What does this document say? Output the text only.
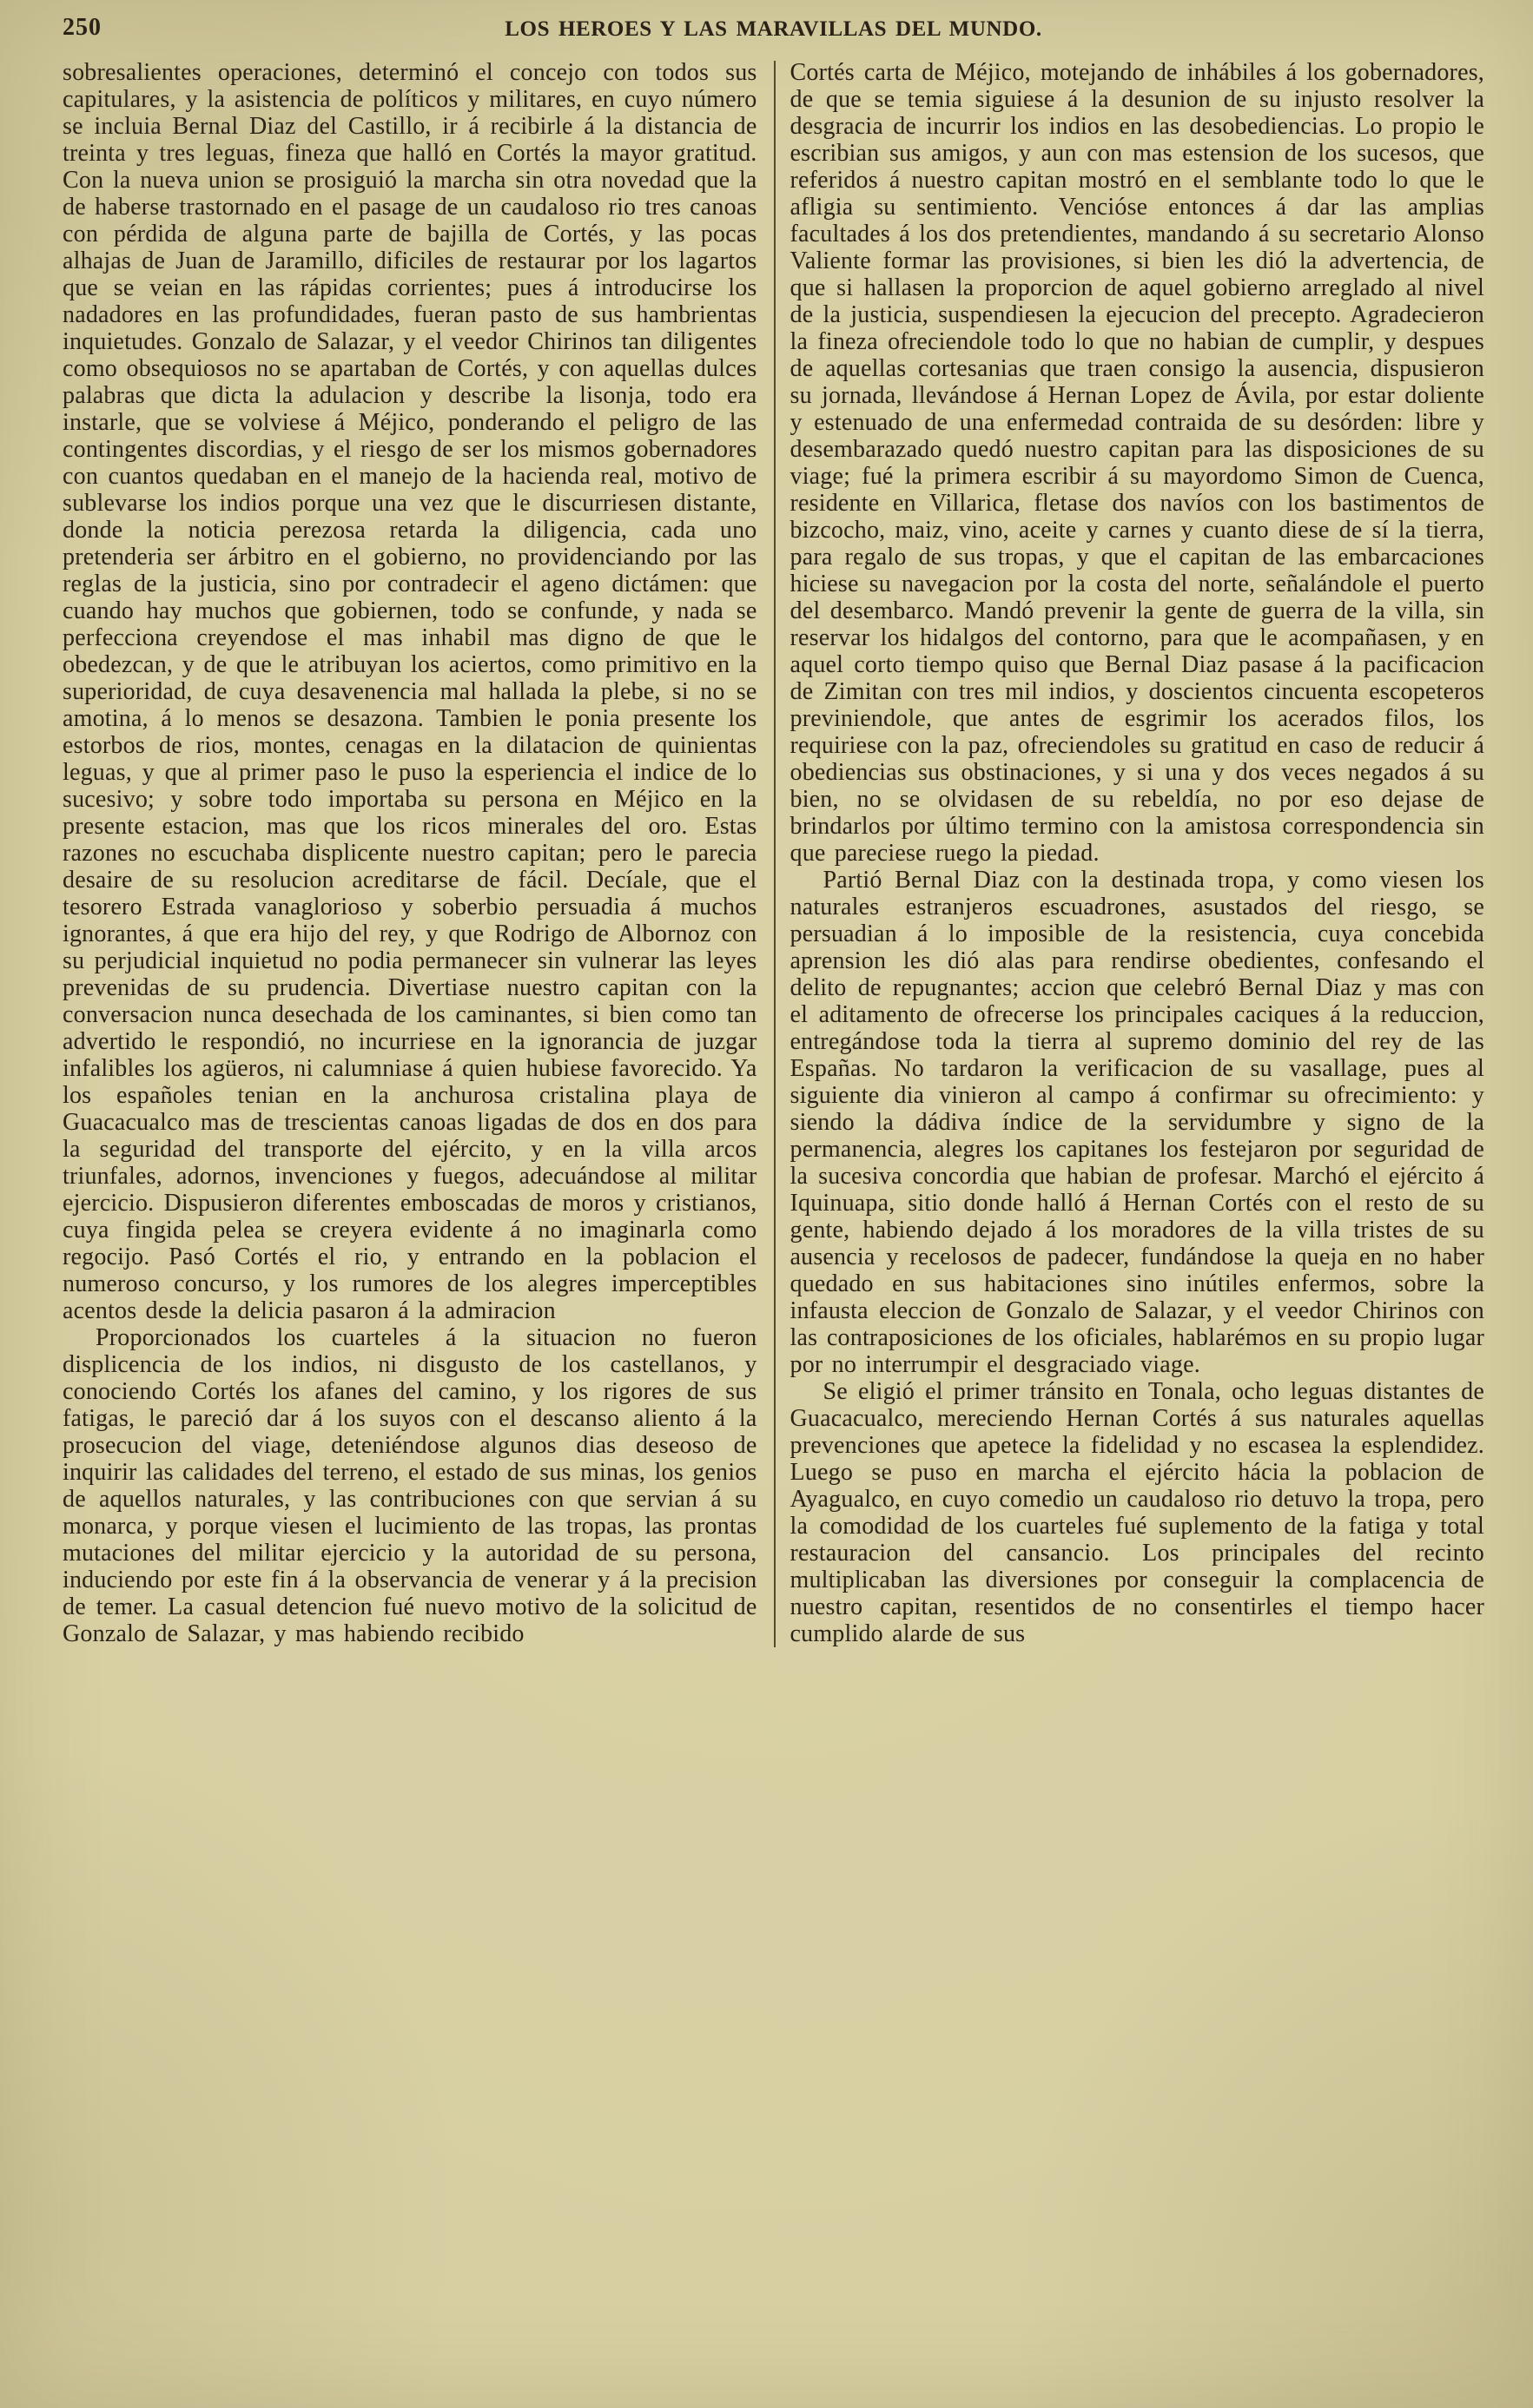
250	LOS HEROES Y LAS MARAVILLAS DEL MUNDO.

sobresalientes operaciones, determinó el concejo con todos sus capitulares, y la asistencia de políticos y militares, en cuyo número se incluia Bernal Diaz del Castillo, ir á recibirle á la distancia de treinta y tres leguas, fineza que halló en Cortés la mayor gratitud. Con la nueva union se prosiguió la marcha sin otra novedad que la de haberse trastornado en el pasage de un caudaloso rio tres canoas con pérdida de alguna parte de bajilla de Cortés, y las pocas alhajas de Juan de Jaramillo, dificiles de restaurar por los lagartos que se veian en las rápidas corrientes; pues á introducirse los nadadores en las profundidades, fueran pasto de sus hambrientas inquietudes. Gonzalo de Salazar, y el veedor Chirinos tan diligentes como obsequiosos no se apartaban de Cortés, y con aquellas dulces palabras que dicta la adulacion y describe la lisonja, todo era instarle, que se volviese á Méjico, ponderando el peligro de las contingentes discordias, y el riesgo de ser los mismos gobernadores con cuantos quedaban en el manejo de la hacienda real, motivo de sublevarse los indios porque una vez que le discurriesen distante, donde la noticia perezosa retarda la diligencia, cada uno pretenderia ser árbitro en el gobierno, no providenciando por las reglas de la justicia, sino por contradecir el ageno dictámen: que cuando hay muchos que gobiernen, todo se confunde, y nada se perfecciona creyendose el mas inhabil mas digno de que le obedezcan, y de que le atribuyan los aciertos, como primitivo en la superioridad, de cuya desavenencia mal hallada la plebe, si no se amotina, á lo menos se desazona. Tambien le ponia presente los estorbos de rios, montes, cenagas en la dilatacion de quinientas leguas, y que al primer paso le puso la esperiencia el indice de lo sucesivo; y sobre todo importaba su persona en Méjico en la presente estacion, mas que los ricos minerales del oro. Estas razones no escuchaba displicente nuestro capitan; pero le parecia desaire de su resolucion acreditarse de fácil. Decíale, que el tesorero Estrada vanaglorioso y soberbio persuadia á muchos ignorantes, á que era hijo del rey, y que Rodrigo de Albornoz con su perjudicial inquietud no podia permanecer sin vulnerar las leyes prevenidas de su prudencia. Divertiase nuestro capitan con la conversacion nunca desechada de los caminantes, si bien como tan advertido le respondió, no incurriese en la ignorancia de juzgar infalibles los agüeros, ni calumniase á quien hubiese favorecido. Ya los españoles tenian en la anchurosa cristalina playa de Guacacualco mas de trescientas canoas ligadas de dos en dos para la seguridad del transporte del ejército, y en la villa arcos triunfales, adornos, invenciones y fuegos, adecuándose al militar ejercicio. Dispusieron diferentes emboscadas de moros y cristianos, cuya fingida pelea se creyera evidente á no imaginarla como regocijo. Pasó Cortés el rio, y entrando en la poblacion el numeroso concurso, y los rumores de los alegres imperceptibles acentos desde la delicia pasaron á la admiracion

Proporcionados los cuarteles á la situacion no fueron displicencia de los indios, ni disgusto de los castellanos, y conociendo Cortés los afanes del camino, y los rigores de sus fatigas, le pareció dar á los suyos con el descanso aliento á la prosecucion del viage, deteniéndose algunos dias deseoso de inquirir las calidades del terreno, el estado de sus minas, los genios de aquellos naturales, y las contribuciones con que servian á su monarca, y porque viesen el lucimiento de las tropas, las prontas mutaciones del militar ejercicio y la autoridad de su persona, induciendo por este fin á la observancia de venerar y á la precision de temer. La casual detencion fué nuevo motivo de la solicitud de Gonzalo de Salazar, y mas habiendo recibido

Cortés carta de Méjico, motejando de inhábiles á los gobernadores, de que se temia siguiese á la desunion de su injusto resolver la desgracia de incurrir los indios en las desobediencias. Lo propio le escribian sus amigos, y aun con mas estension de los sucesos, que referidos á nuestro capitan mostró en el semblante todo lo que le afligia su sentimiento. Vencióse entonces á dar las amplias facultades á los dos pretendientes, mandando á su secretario Alonso Valiente formar las provisiones, si bien les dió la advertencia, de que si hallasen la proporcion de aquel gobierno arreglado al nivel de la justicia, suspendiesen la ejecucion del precepto. Agradecieron la fineza ofreciendole todo lo que no habian de cumplir, y despues de aquellas cortesanias que traen consigo la ausencia, dispusieron su jornada, llevándose á Hernan Lopez de Ávila, por estar doliente y estenuado de una enfermedad contraida de su desórden: libre y desembarazado quedó nuestro capitan para las disposiciones de su viage; fué la primera escribir á su mayordomo Simon de Cuenca, residente en Villarica, fletase dos navíos con los bastimentos de bizcocho, maiz, vino, aceite y carnes y cuanto diese de sí la tierra, para regalo de sus tropas, y que el capitan de las embarcaciones hiciese su navegacion por la costa del norte, señalándole el puerto del desembarco. Mandó prevenir la gente de guerra de la villa, sin reservar los hidalgos del contorno, para que le acompañasen, y en aquel corto tiempo quiso que Bernal Diaz pasase á la pacificacion de Zimitan con tres mil indios, y doscientos cincuenta escopeteros previniendole, que antes de esgrimir los acerados filos, los requiriese con la paz, ofreciendoles su gratitud en caso de reducir á obediencias sus obstinaciones, y si una y dos veces negados á su bien, no se olvidasen de su rebeldía, no por eso dejase de brindarlos por último termino con la amistosa correspondencia sin que pareciese ruego la piedad.

Partió Bernal Diaz con la destinada tropa, y como viesen los naturales estranjeros escuadrones, asustados del riesgo, se persuadian á lo imposible de la resistencia, cuya concebida aprension les dió alas para rendirse obedientes, confesando el delito de repugnantes; accion que celebró Bernal Diaz y mas con el aditamento de ofrecerse los principales caciques á la reduccion, entregándose toda la tierra al supremo dominio del rey de las Españas. No tardaron la verificacion de su vasallage, pues al siguiente dia vinieron al campo á confirmar su ofrecimiento: y siendo la dádiva índice de la servidumbre y signo de la permanencia, alegres los capitanes los festejaron por seguridad de la sucesiva concordia que habian de profesar. Marchó el ejército á Iquinuapa, sitio donde halló á Hernan Cortés con el resto de su gente, habiendo dejado á los moradores de la villa tristes de su ausencia y recelosos de padecer, fundándose la queja en no haber quedado en sus habitaciones sino inútiles enfermos, sobre la infausta eleccion de Gonzalo de Salazar, y el veedor Chirinos con las contraposiciones de los oficiales, hablarémos en su propio lugar por no interrumpir el desgraciado viage.

Se eligió el primer tránsito en Tonala, ocho leguas distantes de Guacacualco, mereciendo Hernan Cortés á sus naturales aquellas prevenciones que apetece la fidelidad y no escasea la esplendidez. Luego se puso en marcha el ejército hácia la poblacion de Ayagualco, en cuyo comedio un caudaloso rio detuvo la tropa, pero la comodidad de los cuarteles fué suplemento de la fatiga y total restauracion del cansancio. Los principales del recinto multiplicaban las diversiones por conseguir la complacencia de nuestro capitan, resentidos de no consentirles el tiempo hacer cumplido alarde de sus
